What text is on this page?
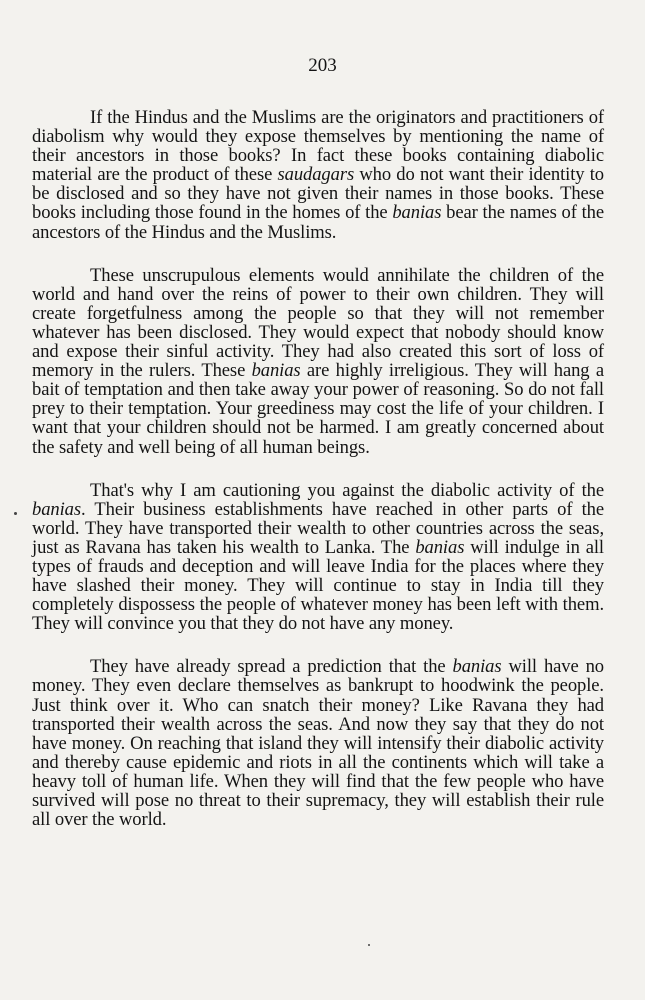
203

If the Hindus and the Muslims are the originators and practitioners of diabolism why would they expose themselves by mentioning the name of their ancestors in those books? In fact these books containing diabolic material are the product of these saudagars who do not want their identity to be disclosed and so they have not given their names in those books. These books including those found in the homes of the banias bear the names of the ancestors of the Hindus and the Muslims.

These unscrupulous elements would annihilate the children of the world and hand over the reins of power to their own children. They will create forgetfulness among the people so that they will not remember whatever has been disclosed. They would expect that nobody should know and expose their sinful activity. They had also created this sort of loss of memory in the rulers. These banias are highly irreligious. They will hang a bait of temptation and then take away your power of reasoning. So do not fall prey to their temptation. Your greediness may cost the life of your children. I want that your children should not be harmed. I am greatly concerned about the safety and well being of all human beings.

That's why I am cautioning you against the diabolic activity of the banias. Their business establishments have reached in other parts of the world. They have transported their wealth to other countries across the seas, just as Ravana has taken his wealth to Lanka. The banias will indulge in all types of frauds and deception and will leave India for the places where they have slashed their money. They will continue to stay in India till they completely dispossess the people of whatever money has been left with them. They will convince you that they do not have any money.

They have already spread a prediction that the banias will have no money. They even declare themselves as bankrupt to hoodwink the people. Just think over it. Who can snatch their money? Like Ravana they had transported their wealth across the seas. And now they say that they do not have money. On reaching that island they will intensify their diabolic activity and thereby cause epidemic and riots in all the continents which will take a heavy toll of human life. When they will find that the few people who have survived will pose no threat to their supremacy, they will establish their rule all over the world.
